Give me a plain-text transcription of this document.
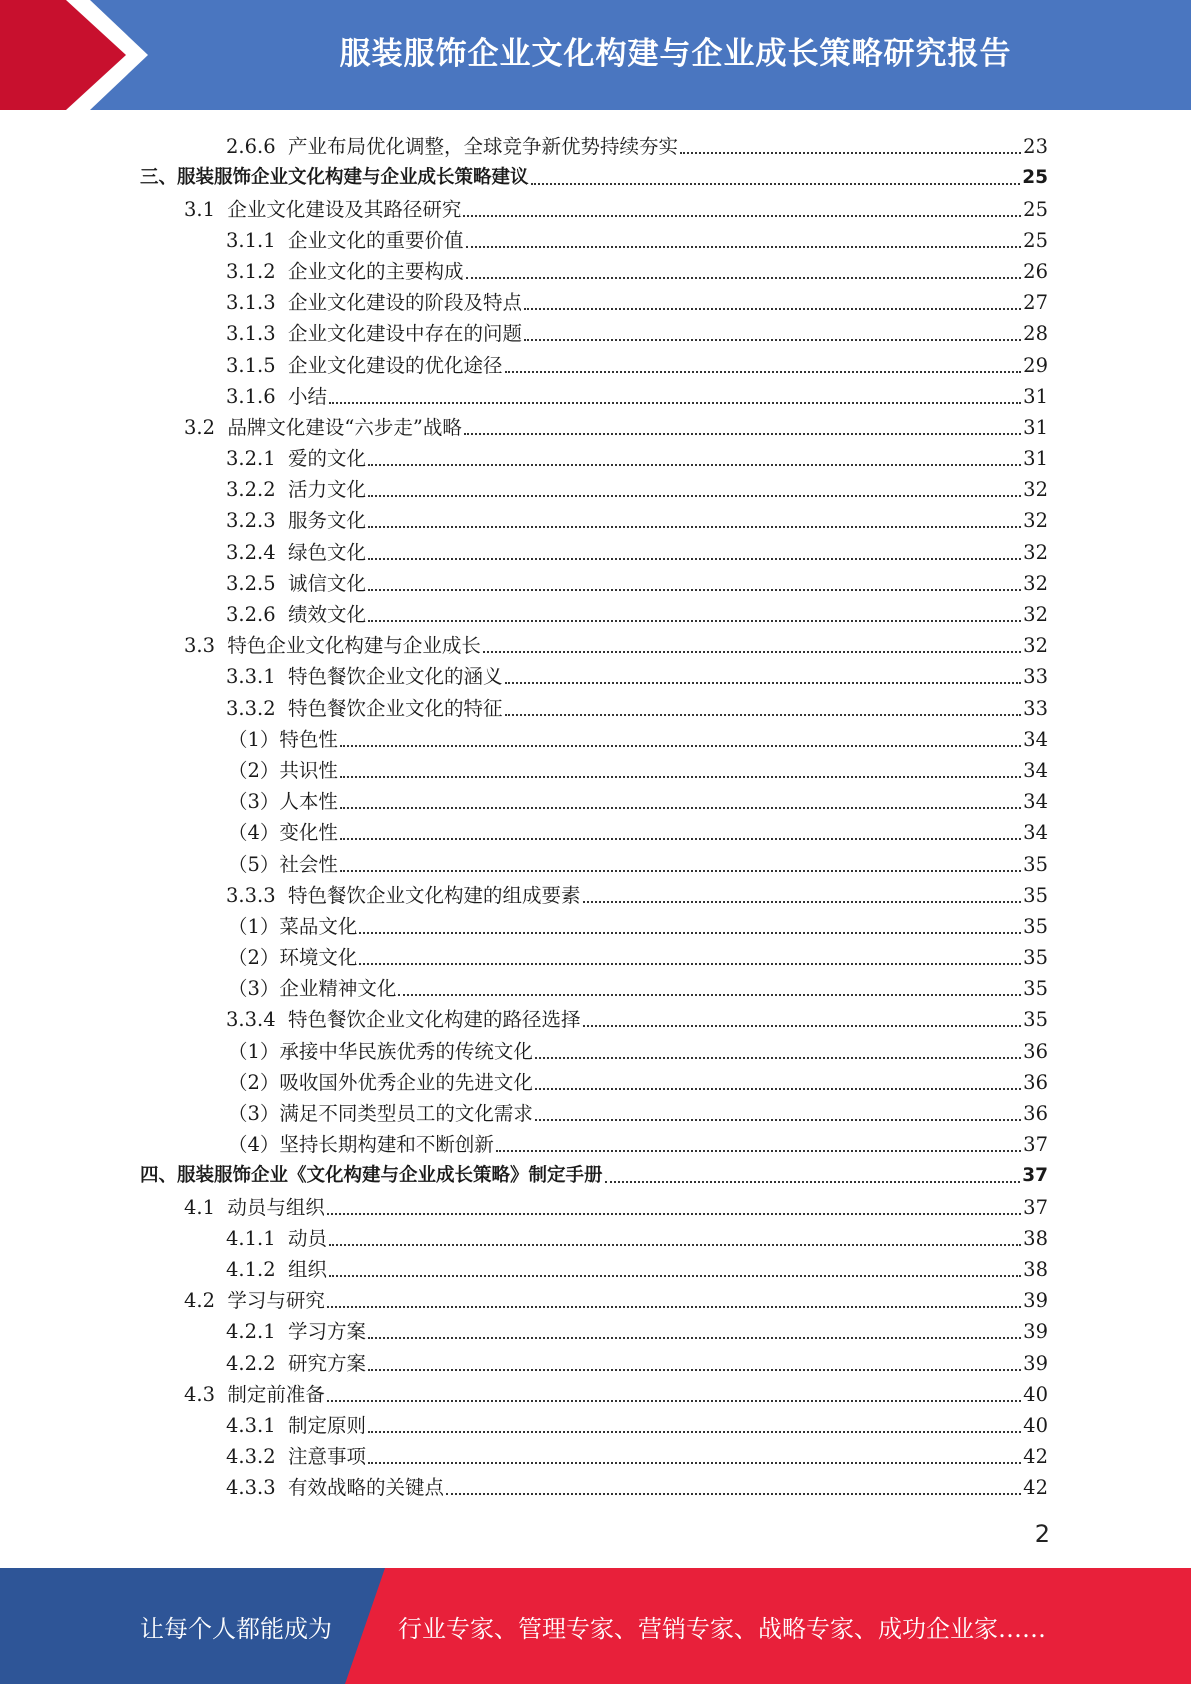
服装服饰企业文化构建与企业成长策略研究报告
2.6.6  产业布局优化调整，全球竞争新优势持续夯实	23
三、服装服饰企业文化构建与企业成长策略建议	25
3.1  企业文化建设及其路径研究	25
3.1.1  企业文化的重要价值	25
3.1.2  企业文化的主要构成	26
3.1.3  企业文化建设的阶段及特点	27
3.1.3  企业文化建设中存在的问题	28
3.1.5  企业文化建设的优化途径	29
3.1.6  小结	31
3.2  品牌文化建设“六步走”战略	31
3.2.1  爱的文化	31
3.2.2  活力文化	32
3.2.3  服务文化	32
3.2.4  绿色文化	32
3.2.5  诚信文化	32
3.2.6  绩效文化	32
3.3  特色企业文化构建与企业成长	32
3.3.1  特色餐饮企业文化的涵义	33
3.3.2  特色餐饮企业文化的特征	33
（1）特色性	34
（2）共识性	34
（3）人本性	34
（4）变化性	34
（5）社会性	35
3.3.3  特色餐饮企业文化构建的组成要素	35
（1）菜品文化	35
（2）环境文化	35
（3）企业精神文化	35
3.3.4  特色餐饮企业文化构建的路径选择	35
（1）承接中华民族优秀的传统文化	36
（2）吸收国外优秀企业的先进文化	36
（3）满足不同类型员工的文化需求	36
（4）坚持长期构建和不断创新	37
四、服装服饰企业《文化构建与企业成长策略》制定手册	37
4.1  动员与组织	37
4.1.1  动员	38
4.1.2  组织	38
4.2  学习与研究	39
4.2.1  学习方案	39
4.2.2  研究方案	39
4.3  制定前准备	40
4.3.1  制定原则	40
4.3.2  注意事项	42
4.3.3  有效战略的关键点	42
2
让每个人都能成为	行业专家、管理专家、营销专家、战略专家、成功企业家……
